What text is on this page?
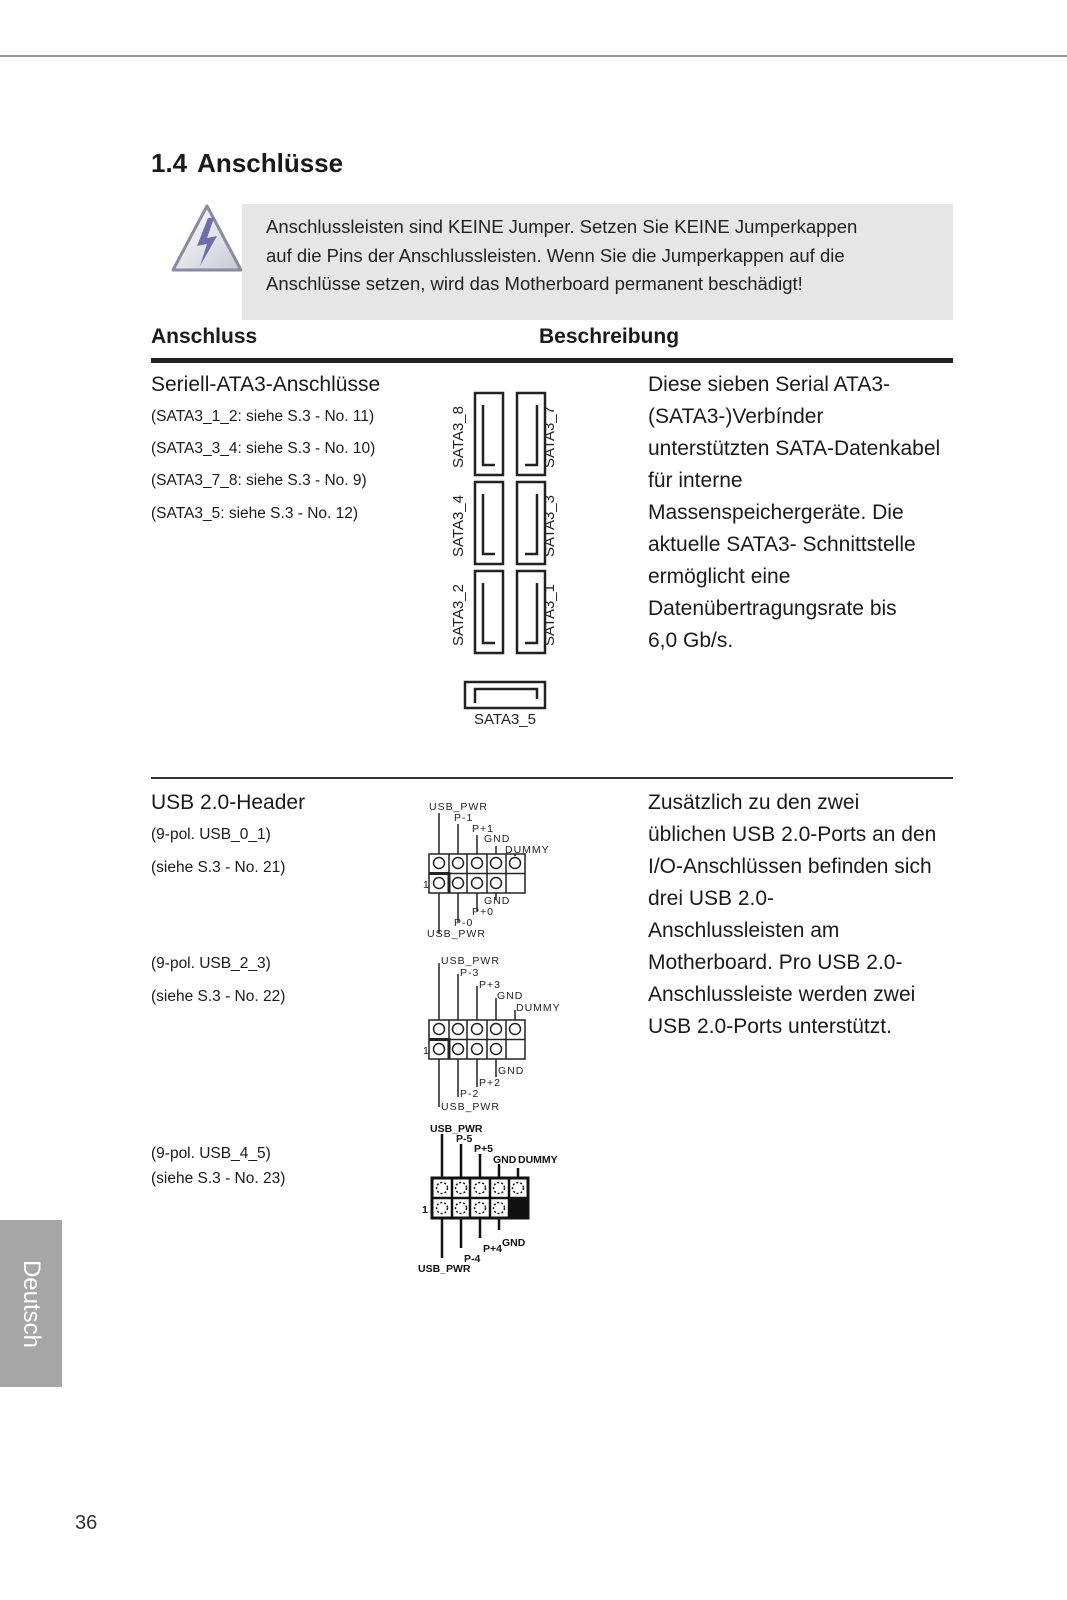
1.4 Anschlüsse
Anschlussleisten sind KEINE Jumper. Setzen Sie KEINE Jumperkappen
auf die Pins der Anschlussleisten. Wenn Sie die Jumperkappen auf die
Anschlüsse setzen, wird das Motherboard permanent beschädigt!
Anschluss	Beschreibung
Seriell-ATA3-Anschlüsse
(SATA3_1_2: siehe S.3 - No. 11)
(SATA3_3_4: siehe S.3 - No. 10)
(SATA3_7_8: siehe S.3 - No. 9)
(SATA3_5: siehe S.3 - No. 12)
SATA3_8	SATA3_7
SATA3_4	SATA3_3
SATA3_2	SATA3_1
SATA3_5
Diese sieben Serial ATA3-
(SATA3-)Verbínder
unterstützten SATA-Datenkabel
für interne
Massenspeichergeräte. Die
aktuelle SATA3- Schnittstelle
ermöglicht eine
Datenübertragungsrate bis
6,0 Gb/s.
USB 2.0-Header
(9-pol. USB_0_1)
(siehe S.3 - No. 21)
(9-pol. USB_2_3)
(siehe S.3 - No. 22)
(9-pol. USB_4_5)
(siehe S.3 - No. 23)
USB_PWR
P-1
P+1
GND
DUMMY
GND
P+0
P-0
USB_PWR
1
USB_PWR
P-3
P+3
GND
DUMMY
GND
P+2
P-2
USB_PWR
1
USB_PWR
P-5
P+5
GND DUMMY
GND
P+4
P-4
USB_PWR
1
Zusätzlich zu den zwei
üblichen USB 2.0-Ports an den
I/O-Anschlüssen befinden sich
drei USB 2.0-
Anschlussleisten am
Motherboard. Pro USB 2.0-
Anschlussleiste werden zwei
USB 2.0-Ports unterstützt.
Deutsch
36
